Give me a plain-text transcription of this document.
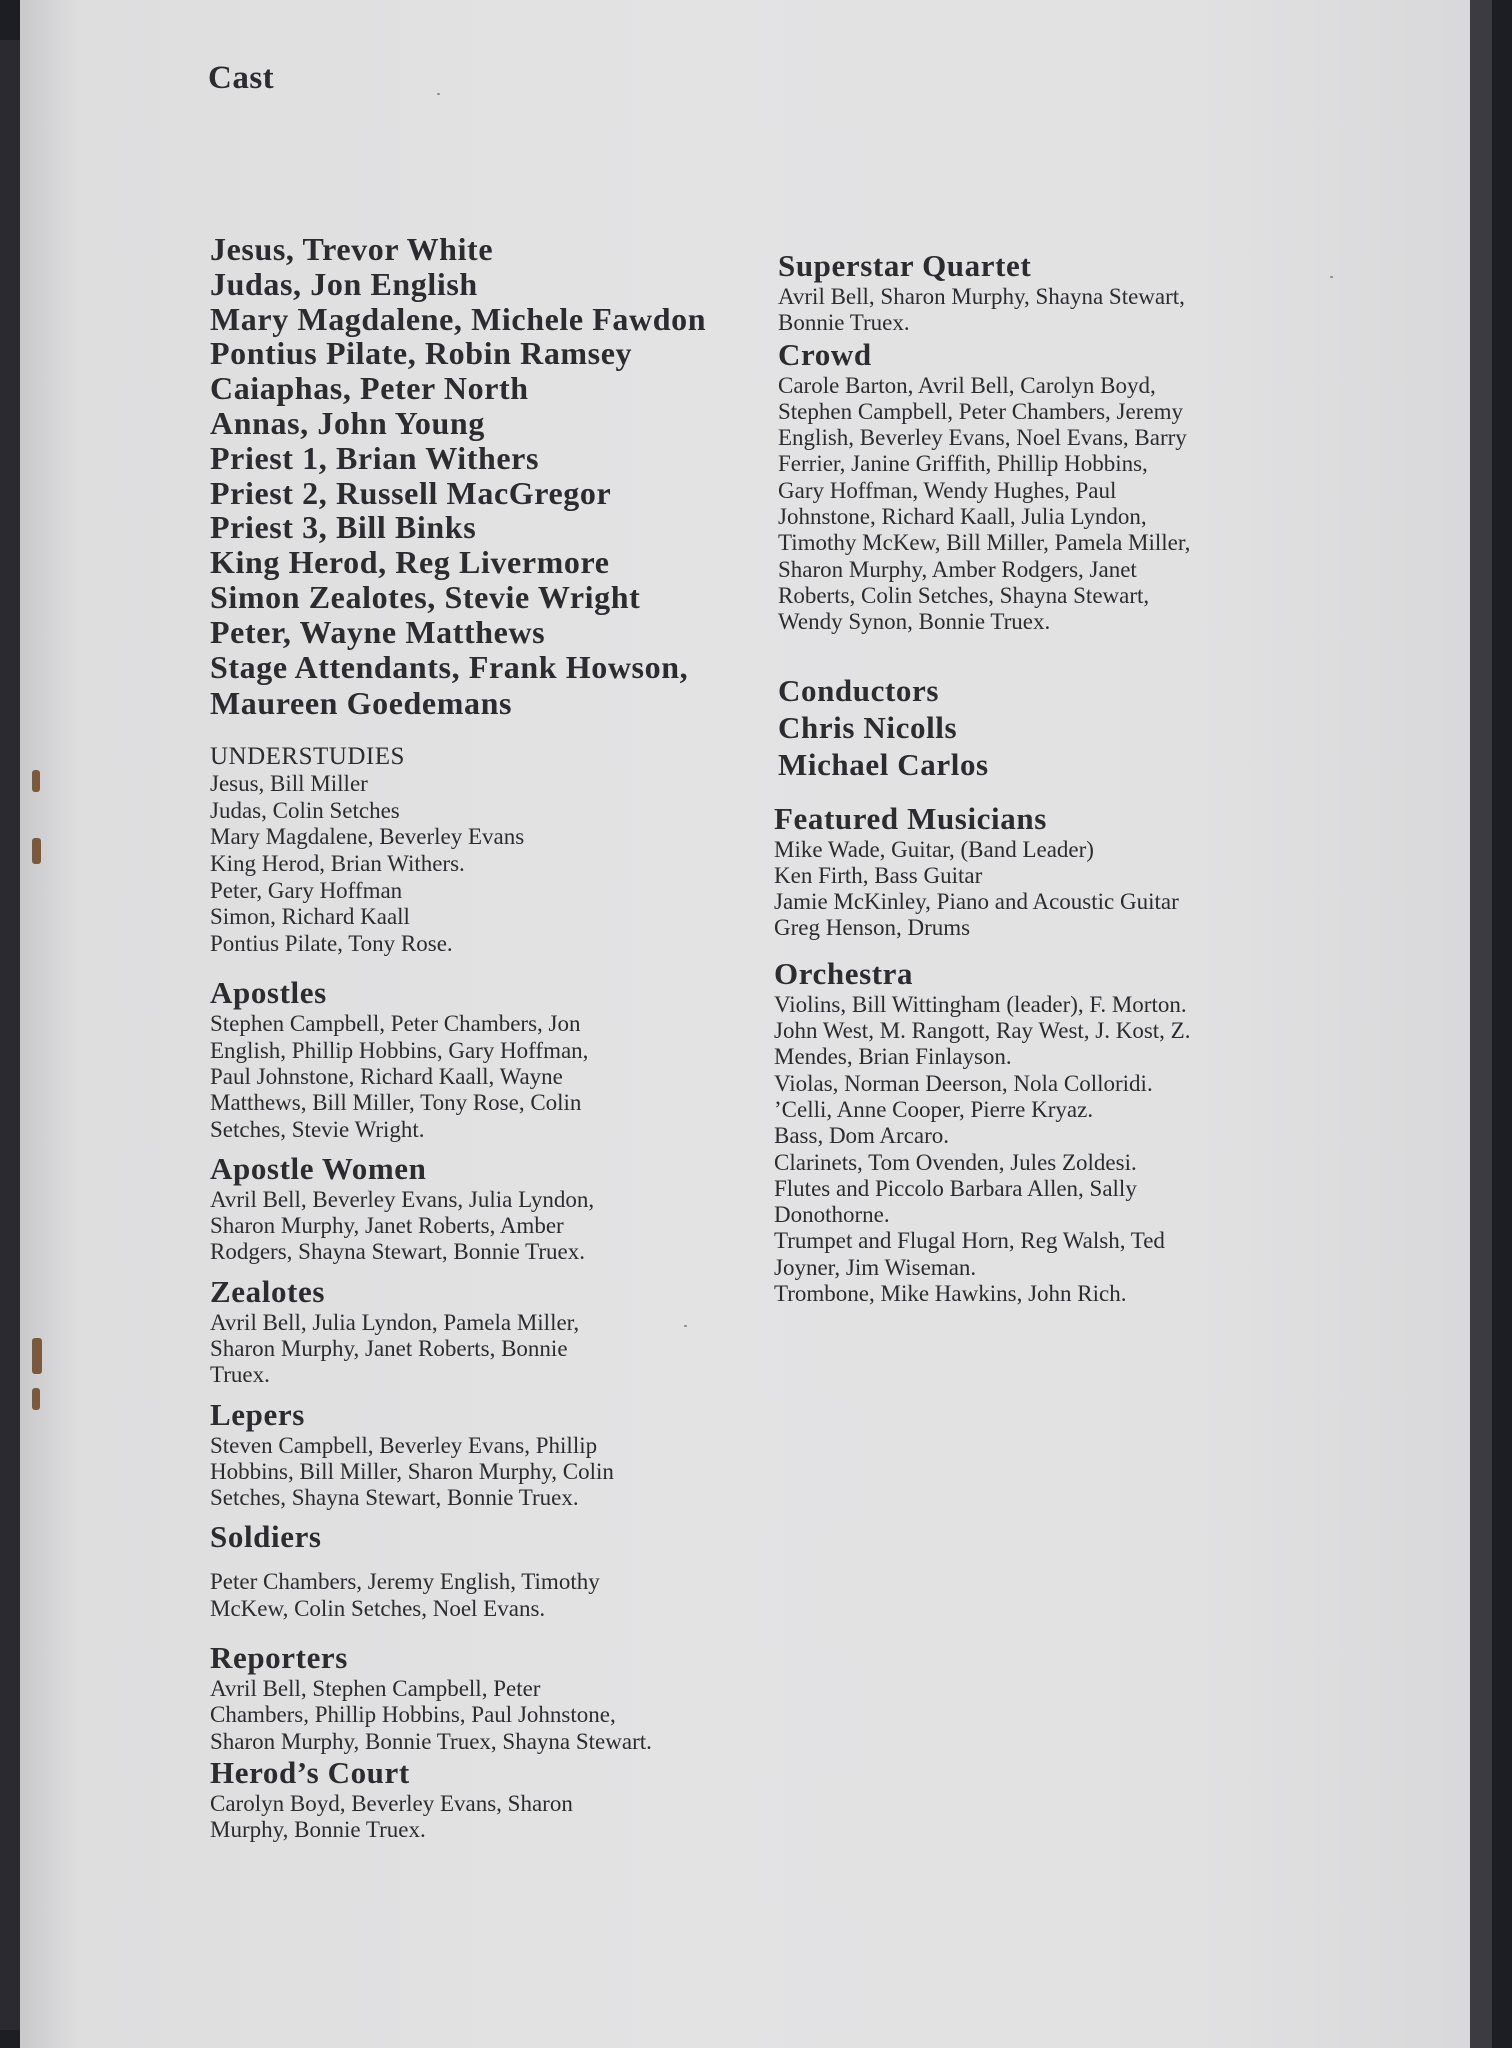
Cast
Jesus, Trevor White
Judas, Jon English
Mary Magdalene, Michele Fawdon
Pontius Pilate, Robin Ramsey
Caiaphas, Peter North
Annas, John Young
Priest 1, Brian Withers
Priest 2, Russell MacGregor
Priest 3, Bill Binks
King Herod, Reg Livermore
Simon Zealotes, Stevie Wright
Peter, Wayne Matthews
Stage Attendants, Frank Howson,
Maureen Goedemans
UNDERSTUDIES
Jesus, Bill Miller
Judas, Colin Setches
Mary Magdalene, Beverley Evans
King Herod, Brian Withers.
Peter, Gary Hoffman
Simon, Richard Kaall
Pontius Pilate, Tony Rose.
Apostles
Stephen Campbell, Peter Chambers, Jon
English, Phillip Hobbins, Gary Hoffman,
Paul Johnstone, Richard Kaall, Wayne
Matthews, Bill Miller, Tony Rose, Colin
Setches, Stevie Wright.
Apostle Women
Avril Bell, Beverley Evans, Julia Lyndon,
Sharon Murphy, Janet Roberts, Amber
Rodgers, Shayna Stewart, Bonnie Truex.
Zealotes
Avril Bell, Julia Lyndon, Pamela Miller,
Sharon Murphy, Janet Roberts, Bonnie
Truex.
Lepers
Steven Campbell, Beverley Evans, Phillip
Hobbins, Bill Miller, Sharon Murphy, Colin
Setches, Shayna Stewart, Bonnie Truex.
Soldiers
Peter Chambers, Jeremy English, Timothy
McKew, Colin Setches, Noel Evans.
Reporters
Avril Bell, Stephen Campbell, Peter
Chambers, Phillip Hobbins, Paul Johnstone,
Sharon Murphy, Bonnie Truex, Shayna Stewart.
Herod’s Court
Carolyn Boyd, Beverley Evans, Sharon
Murphy, Bonnie Truex.
Superstar Quartet
Avril Bell, Sharon Murphy, Shayna Stewart,
Bonnie Truex.
Crowd
Carole Barton, Avril Bell, Carolyn Boyd,
Stephen Campbell, Peter Chambers, Jeremy
English, Beverley Evans, Noel Evans, Barry
Ferrier, Janine Griffith, Phillip Hobbins,
Gary Hoffman, Wendy Hughes, Paul
Johnstone, Richard Kaall, Julia Lyndon,
Timothy McKew, Bill Miller, Pamela Miller,
Sharon Murphy, Amber Rodgers, Janet
Roberts, Colin Setches, Shayna Stewart,
Wendy Synon, Bonnie Truex.
Conductors
Chris Nicolls
Michael Carlos
Featured Musicians
Mike Wade, Guitar, (Band Leader)
Ken Firth, Bass Guitar
Jamie McKinley, Piano and Acoustic Guitar
Greg Henson, Drums
Orchestra
Violins, Bill Wittingham (leader), F. Morton.
John West, M. Rangott, Ray West, J. Kost, Z.
Mendes, Brian Finlayson.
Violas, Norman Deerson, Nola Colloridi.
’Celli, Anne Cooper, Pierre Kryaz.
Bass, Dom Arcaro.
Clarinets, Tom Ovenden, Jules Zoldesi.
Flutes and Piccolo Barbara Allen, Sally
Donothorne.
Trumpet and Flugal Horn, Reg Walsh, Ted
Joyner, Jim Wiseman.
Trombone, Mike Hawkins, John Rich.
